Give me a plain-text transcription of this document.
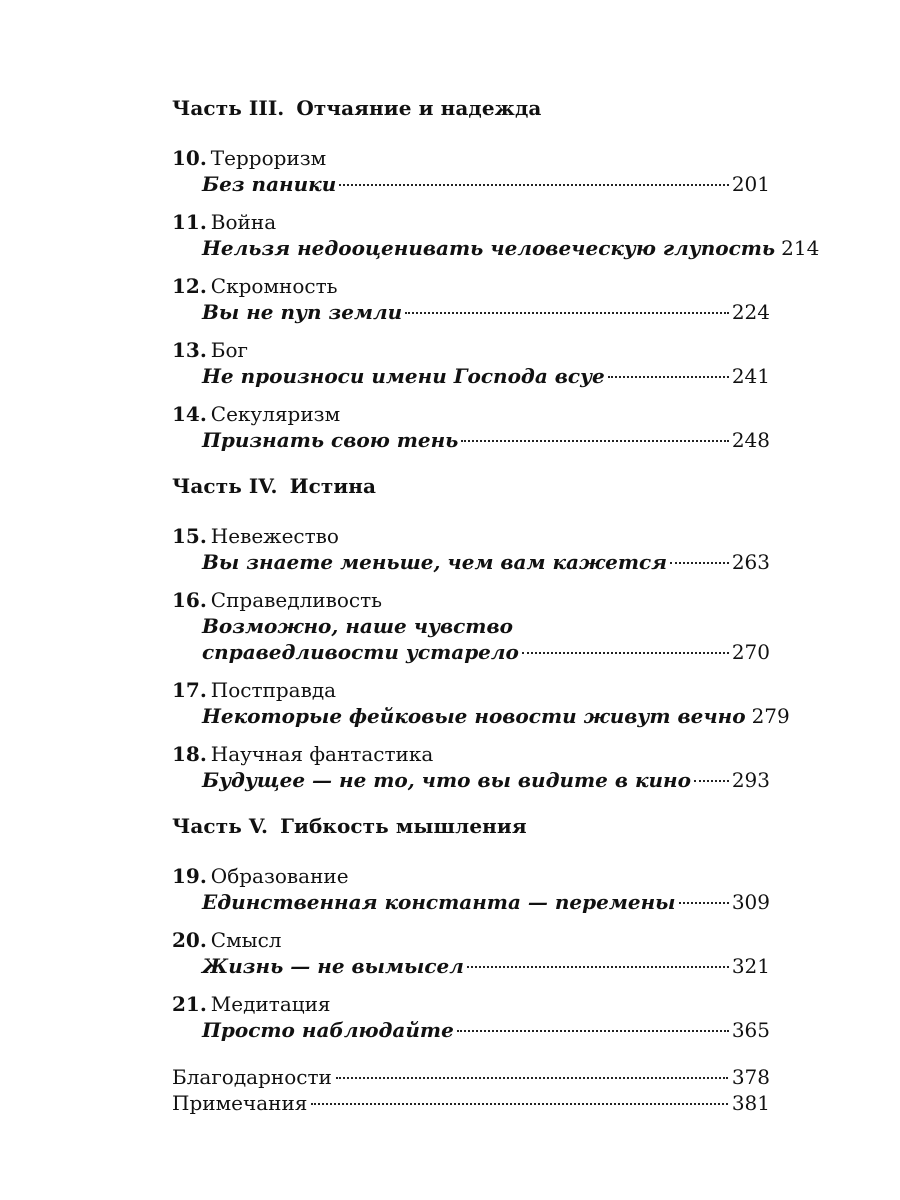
Часть III. Отчаяние и надежда
10. Терроризм
Без паники	201
11. Война
Нельзя недооценивать человеческую глупость 214
12. Скромность
Вы не пуп земли	224
13. Бог
Не произноси имени Господа всуе	241
14. Секуляризм
Признать свою тень	248
Часть IV. Истина
15. Невежество
Вы знаете меньше, чем вам кажется	263
16. Справедливость
Возможно, наше чувство
справедливости устарело	270
17. Постправда
Некоторые фейковые новости живут вечно 279
18. Научная фантастика
Будущее — не то, что вы видите в кино 293
Часть V. Гибкость мышления
19. Образование
Единственная константа — перемены	309
20. Смысл
Жизнь — не вымысел	321
21. Медитация
Просто наблюдайте	365
Благодарности	378
Примечания	381
